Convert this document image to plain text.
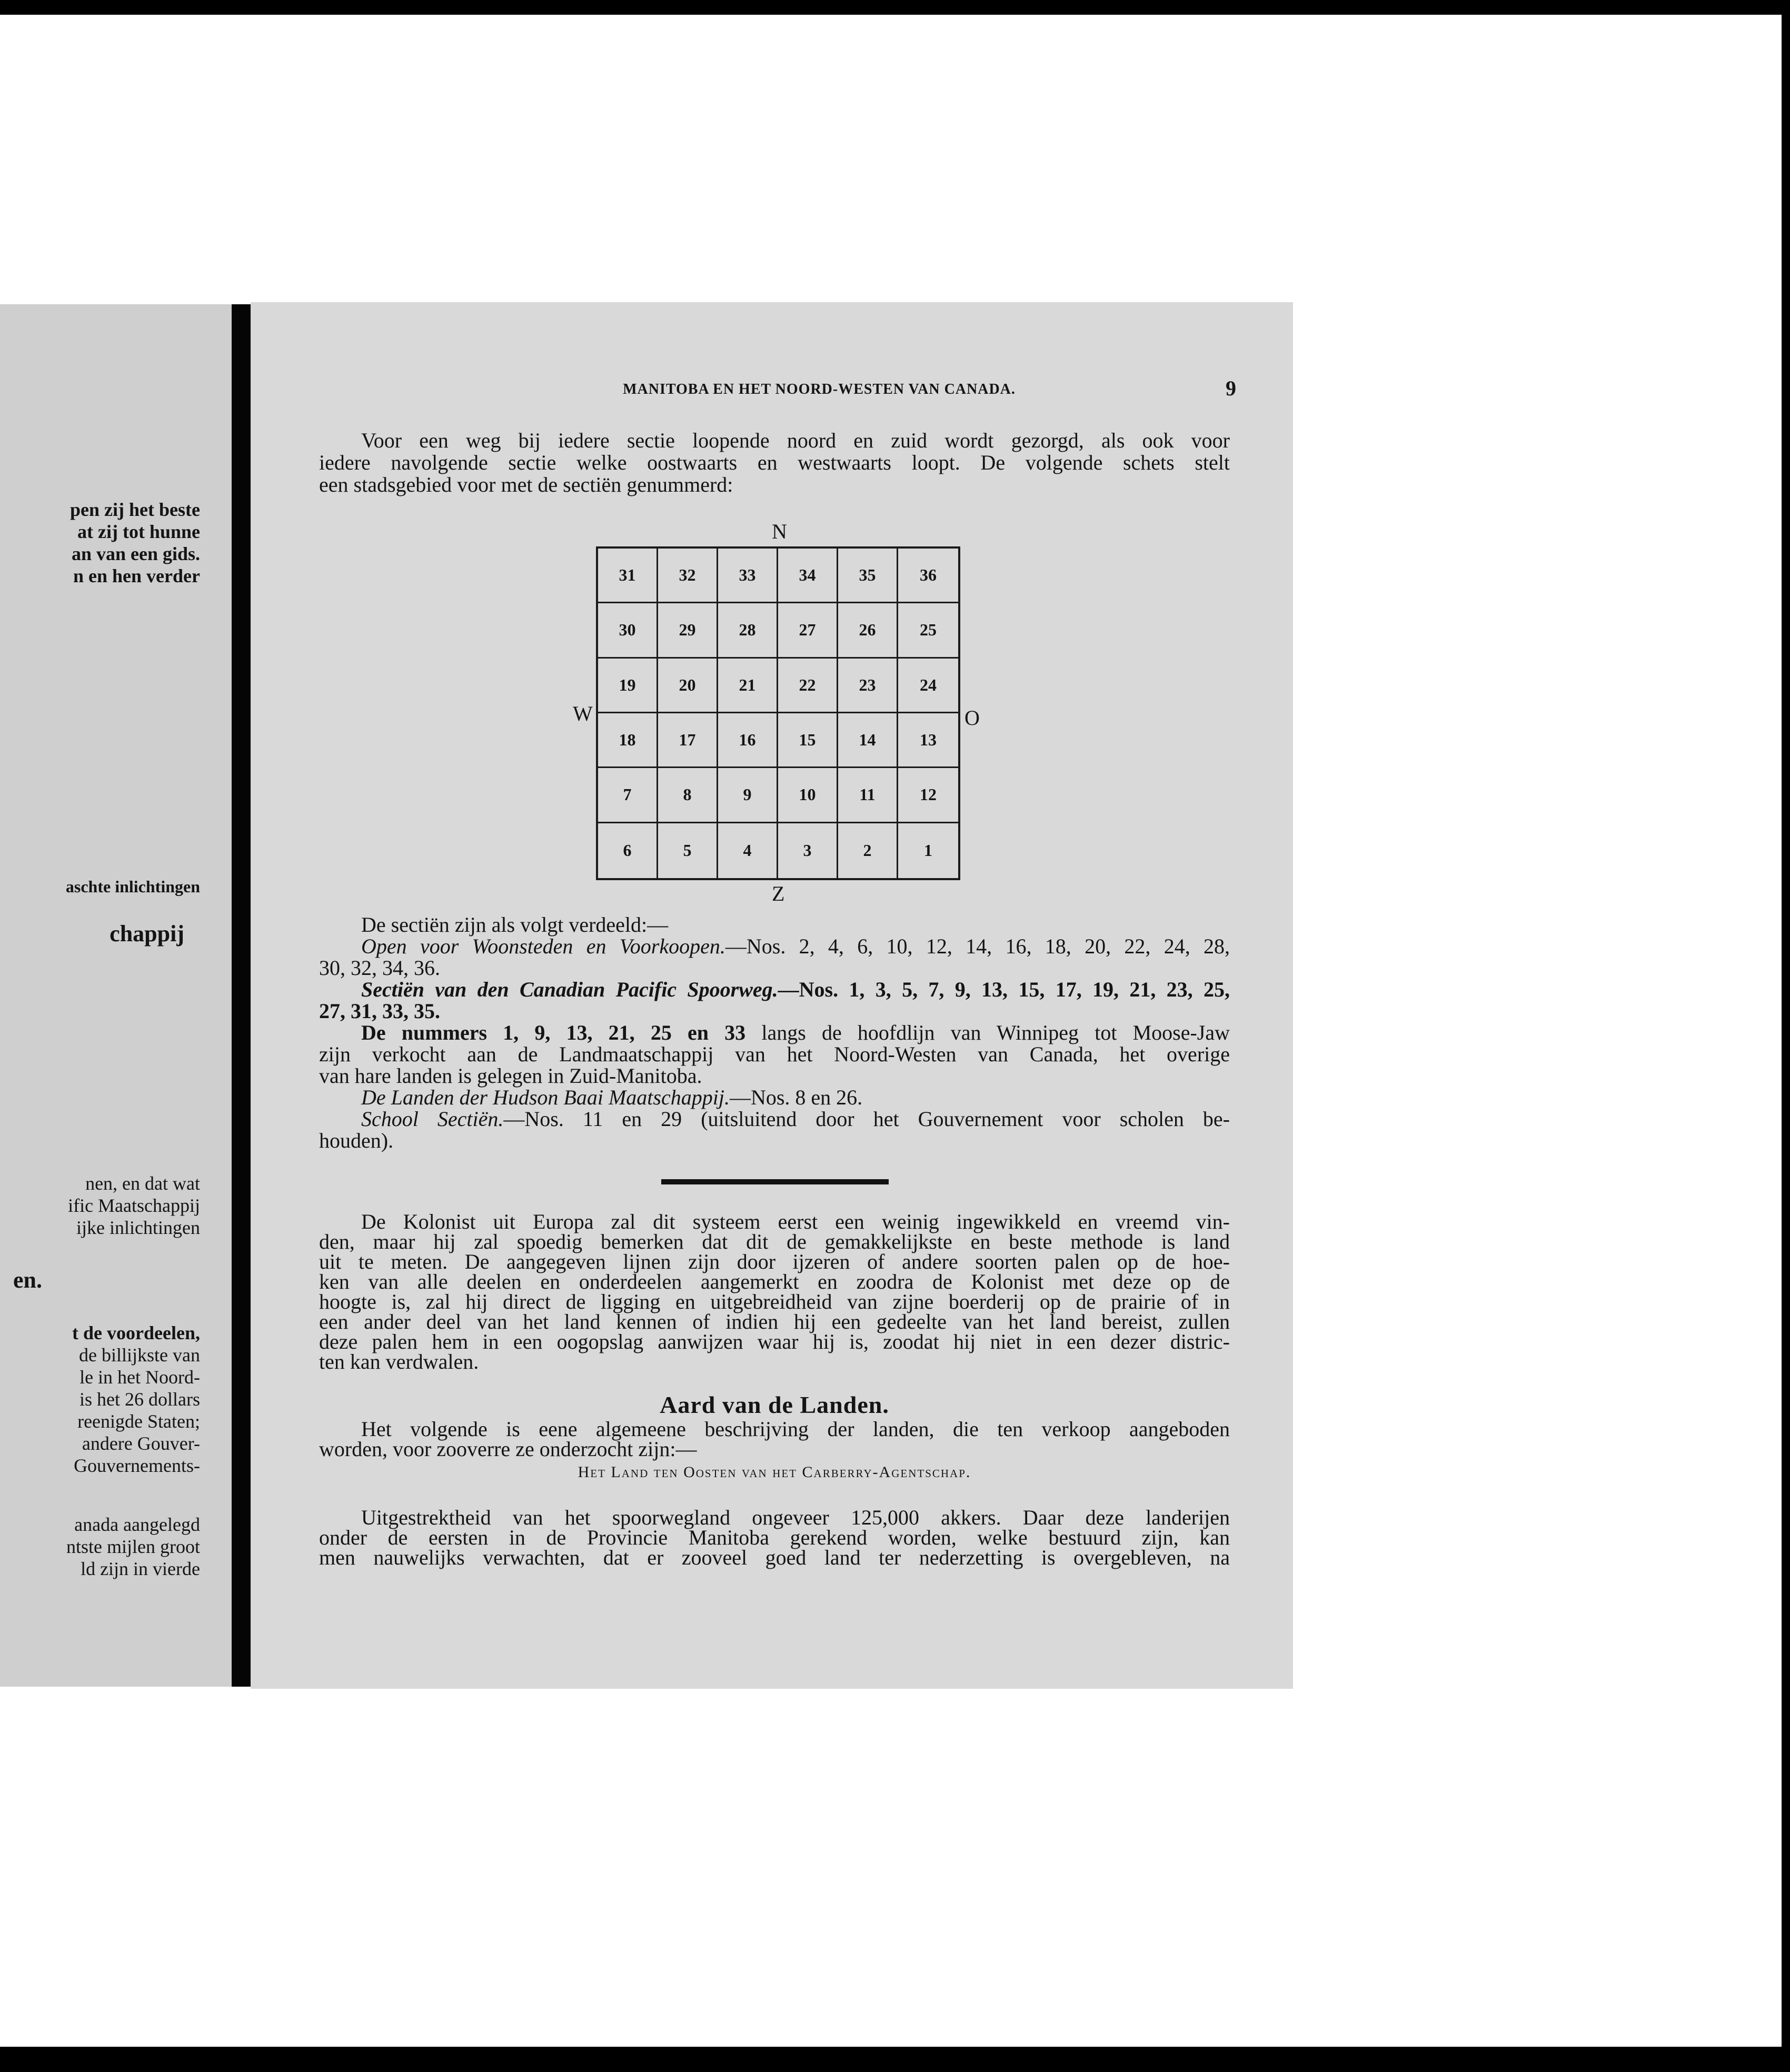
pen zij het beste
at zij tot hunne
an van een gids.
n en hen verder
aschte inlichtingen
chappij
nen, en dat wat
ific Maatschappij
ijke inlichtingen
en.
t de voordeelen,
de billijkste van
le in het Noord-
is het 26 dollars
reenigde Staten;
andere Gouver-
Gouvernements-
anada aangelegd
ntste mijlen groot
ld zijn in vierde
MANITOBA EN HET NOORD-WESTEN VAN CANADA.	9
Voor een weg bij iedere sectie loopende noord en zuid wordt gezorgd, als ook voor
iedere navolgende sectie welke oostwaarts en westwaarts loopt. De volgende schets stelt
een stadsgebied voor met de sectiën genummerd:
N
W	O
Z
31	32	33	34	35	36
30	29	28	27	26	25
19	20	21	22	23	24
18	17	16	15	14	13
7	8	9	10	11	12
6	5	4	3	2	1
De sectiën zijn als volgt verdeeld:—
Open voor Woonsteden en Voorkoopen.—Nos. 2, 4, 6, 10, 12, 14, 16, 18, 20, 22, 24, 28,
30, 32, 34, 36.
Sectiën van den Canadian Pacific Spoorweg.—Nos. 1, 3, 5, 7, 9, 13, 15, 17, 19, 21, 23, 25,
27, 31, 33, 35.
De nummers 1, 9, 13, 21, 25 en 33 langs de hoofdlijn van Winnipeg tot Moose-Jaw
zijn verkocht aan de Landmaatschappij van het Noord-Westen van Canada, het overige
van hare landen is gelegen in Zuid-Manitoba.
De Landen der Hudson Baai Maatschappij.—Nos. 8 en 26.
School Sectiën.—Nos. 11 en 29 (uitsluitend door het Gouvernement voor scholen be-
houden).
De Kolonist uit Europa zal dit systeem eerst een weinig ingewikkeld en vreemd vin-
den, maar hij zal spoedig bemerken dat dit de gemakkelijkste en beste methode is land
uit te meten. De aangegeven lijnen zijn door ijzeren of andere soorten palen op de hoe-
ken van alle deelen en onderdeelen aangemerkt en zoodra de Kolonist met deze op de
hoogte is, zal hij direct de ligging en uitgebreidheid van zijne boerderij op de prairie of in
een ander deel van het land kennen of indien hij een gedeelte van het land bereist, zullen
deze palen hem in een oogopslag aanwijzen waar hij is, zoodat hij niet in een dezer distric-
ten kan verdwalen.
Aard van de Landen.
Het volgende is eene algemeene beschrijving der landen, die ten verkoop aangeboden
worden, voor zooverre ze onderzocht zijn:—
Het Land ten Oosten van het Carberry-Agentschap.
Uitgestrektheid van het spoorwegland ongeveer 125,000 akkers. Daar deze landerijen
onder de eersten in de Provincie Manitoba gerekend worden, welke bestuurd zijn, kan
men nauwelijks verwachten, dat er zooveel goed land ter nederzetting is overgebleven, na
